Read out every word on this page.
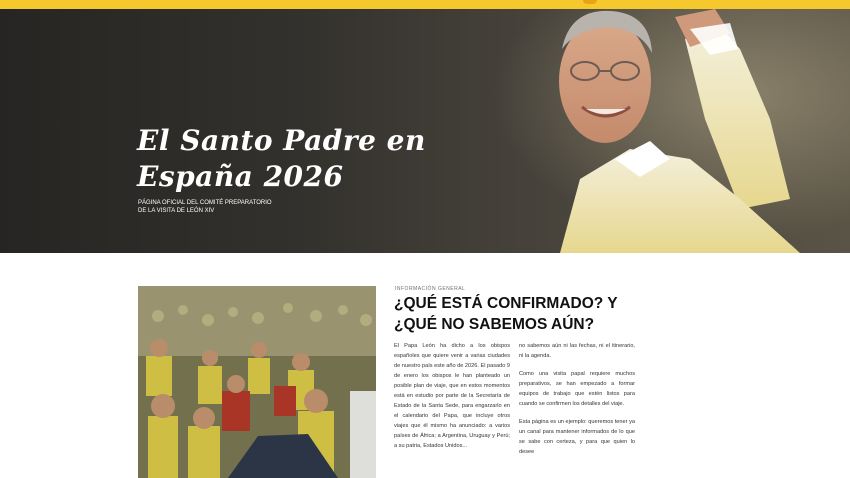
El Santo Padre en
España 2026
PÁGINA OFICIAL DEL COMITÉ PREPARATORIO
DE LA VISITA DE LEÓN XIV
INFORMACIÓN GENERAL
¿QUÉ ESTÁ CONFIRMADO? Y ¿QUÉ NO SABEMOS AÚN?

El Papa León ha dicho a los obispos españoles que quiere venir a varias ciudades de nuestro país este año de 2026. El pasado 9 de enero los obispos le han planteado un posible plan de viaje, que en estos momentos está en estudio por parte de la Secretaría de Estado de la Santa Sede, para engarzarlo en el calendario del Papa, que incluye otros viajes que él mismo ha anunciado: a varios países de África; a Argentina, Uruguay y Perú; a su patria, Estados Unidos...

no sabemos aún ni las fechas, ni el itinerario, ni la agenda.

Como una visita papal requiere muchos preparativos, se han empezado a formar equipos de trabajo que estén listos para cuando se confirmen los detalles del viaje.

Esta página es un ejemplo: queremos tener ya un canal para mantener informados de lo que se sabe con certeza, y para que quien lo desee
